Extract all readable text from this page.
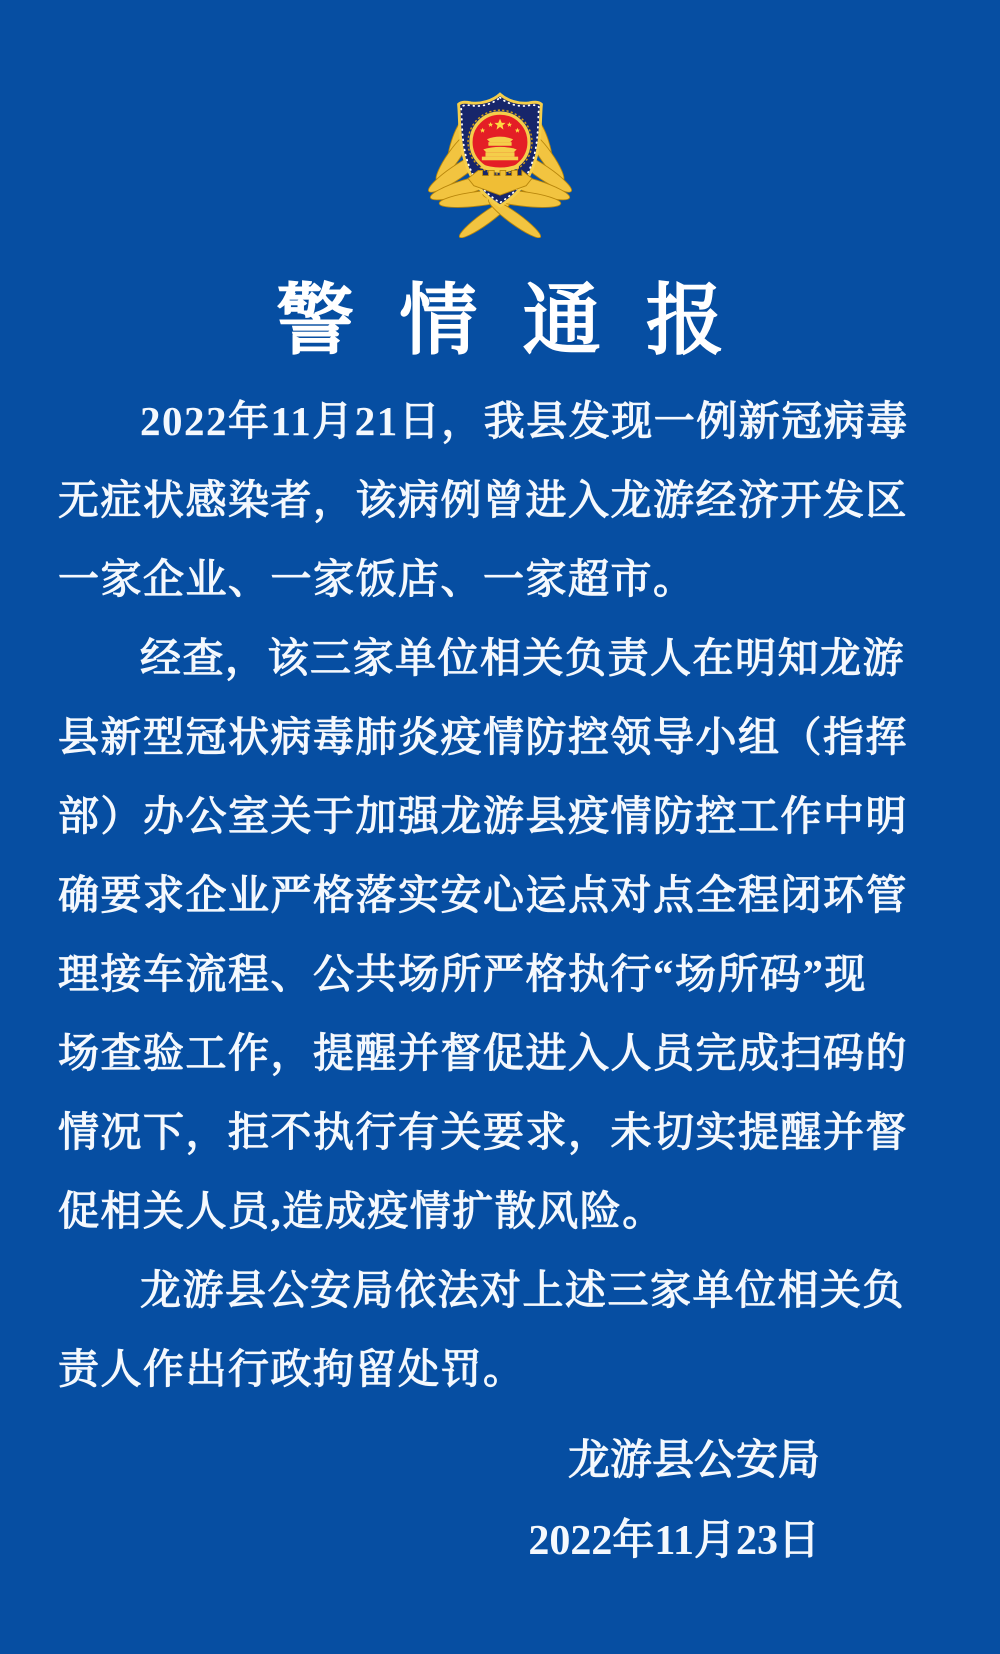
警情通报
2022年11月21日，我县发现一例新冠病毒
无症状感染者，该病例曾进入龙游经济开发区
一家企业、一家饭店、一家超市。
经查，该三家单位相关负责人在明知龙游
县新型冠状病毒肺炎疫情防控领导小组（指挥
部）办公室关于加强龙游县疫情防控工作中明
确要求企业严格落实安心运点对点全程闭环管
理接车流程、公共场所严格执行“场所码”现
场查验工作，提醒并督促进入人员完成扫码的
情况下，拒不执行有关要求，未切实提醒并督
促相关人员,造成疫情扩散风险。
龙游县公安局依法对上述三家单位相关负
责人作出行政拘留处罚。
龙游县公安局
2022年11月23日
